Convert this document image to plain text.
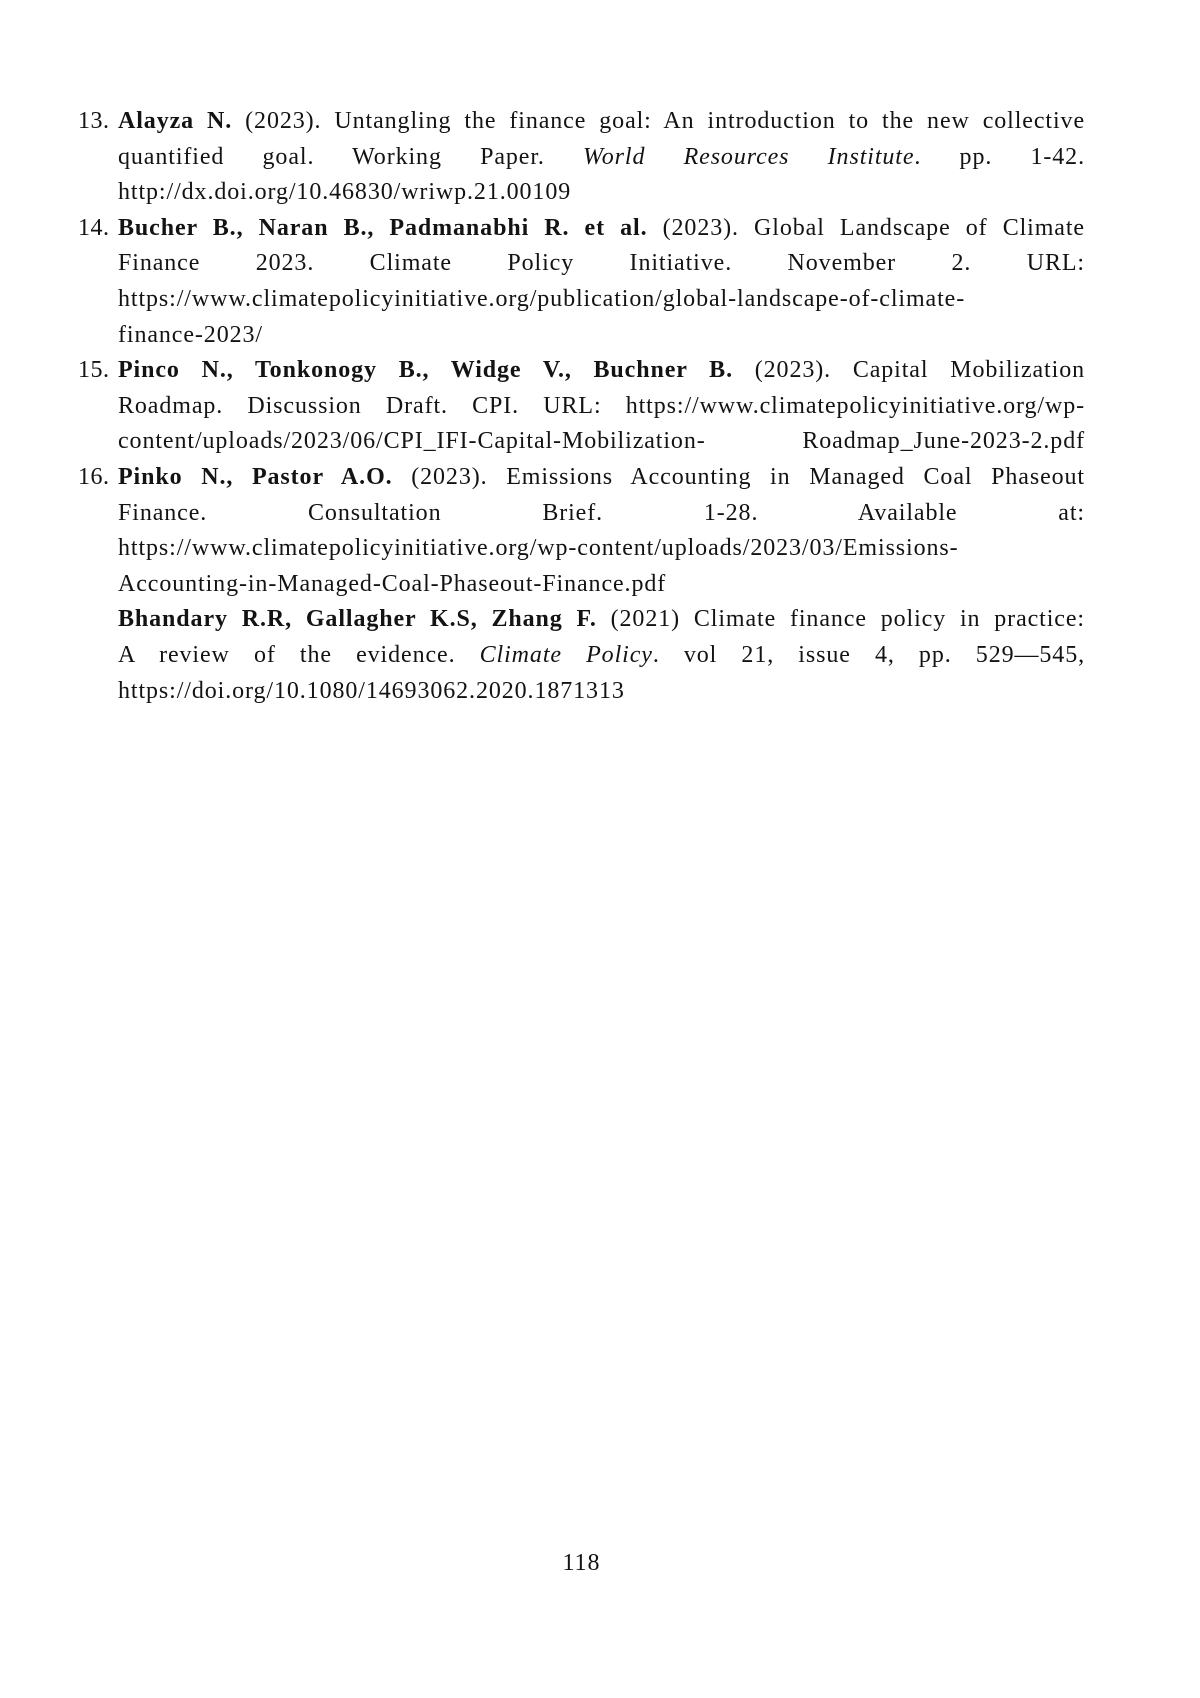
13. Alayza N. (2023). Untangling the finance goal: An introduction to the new collective
quantified goal. Working Paper. World Resources Institute. pp. 1-42.
http://dx.doi.org/10.46830/wriwp.21.00109
14. Bucher B., Naran B., Padmanabhi R. et al. (2023). Global Landscape of Climate
Finance 2023. Climate Policy Initiative. November 2. URL:
https://www.climatepolicyinitiative.org/publication/global-landscape-of-climate-
finance-2023/
15. Pinco N., Tonkonogy B., Widge V., Buchner B. (2023). Capital Mobilization
Roadmap. Discussion Draft. CPI. URL: https://www.climatepolicyinitiative.org/wp-
content/uploads/2023/06/CPI_IFI-Capital-Mobilization- Roadmap_June-2023-2.pdf
16. Pinko N., Pastor A.O. (2023). Emissions Accounting in Managed Coal Phaseout
Finance. Consultation Brief. 1-28. Available at:
https://www.climatepolicyinitiative.org/wp-content/uploads/2023/03/Emissions-
Accounting-in-Managed-Coal-Phaseout-Finance.pdf
Bhandary R.R, Gallagher K.S, Zhang F. (2021) Climate finance policy in practice:
A review of the evidence. Climate Policy. vol 21, issue 4, pp. 529—545,
https://doi.org/10.1080/14693062.2020.1871313
118
